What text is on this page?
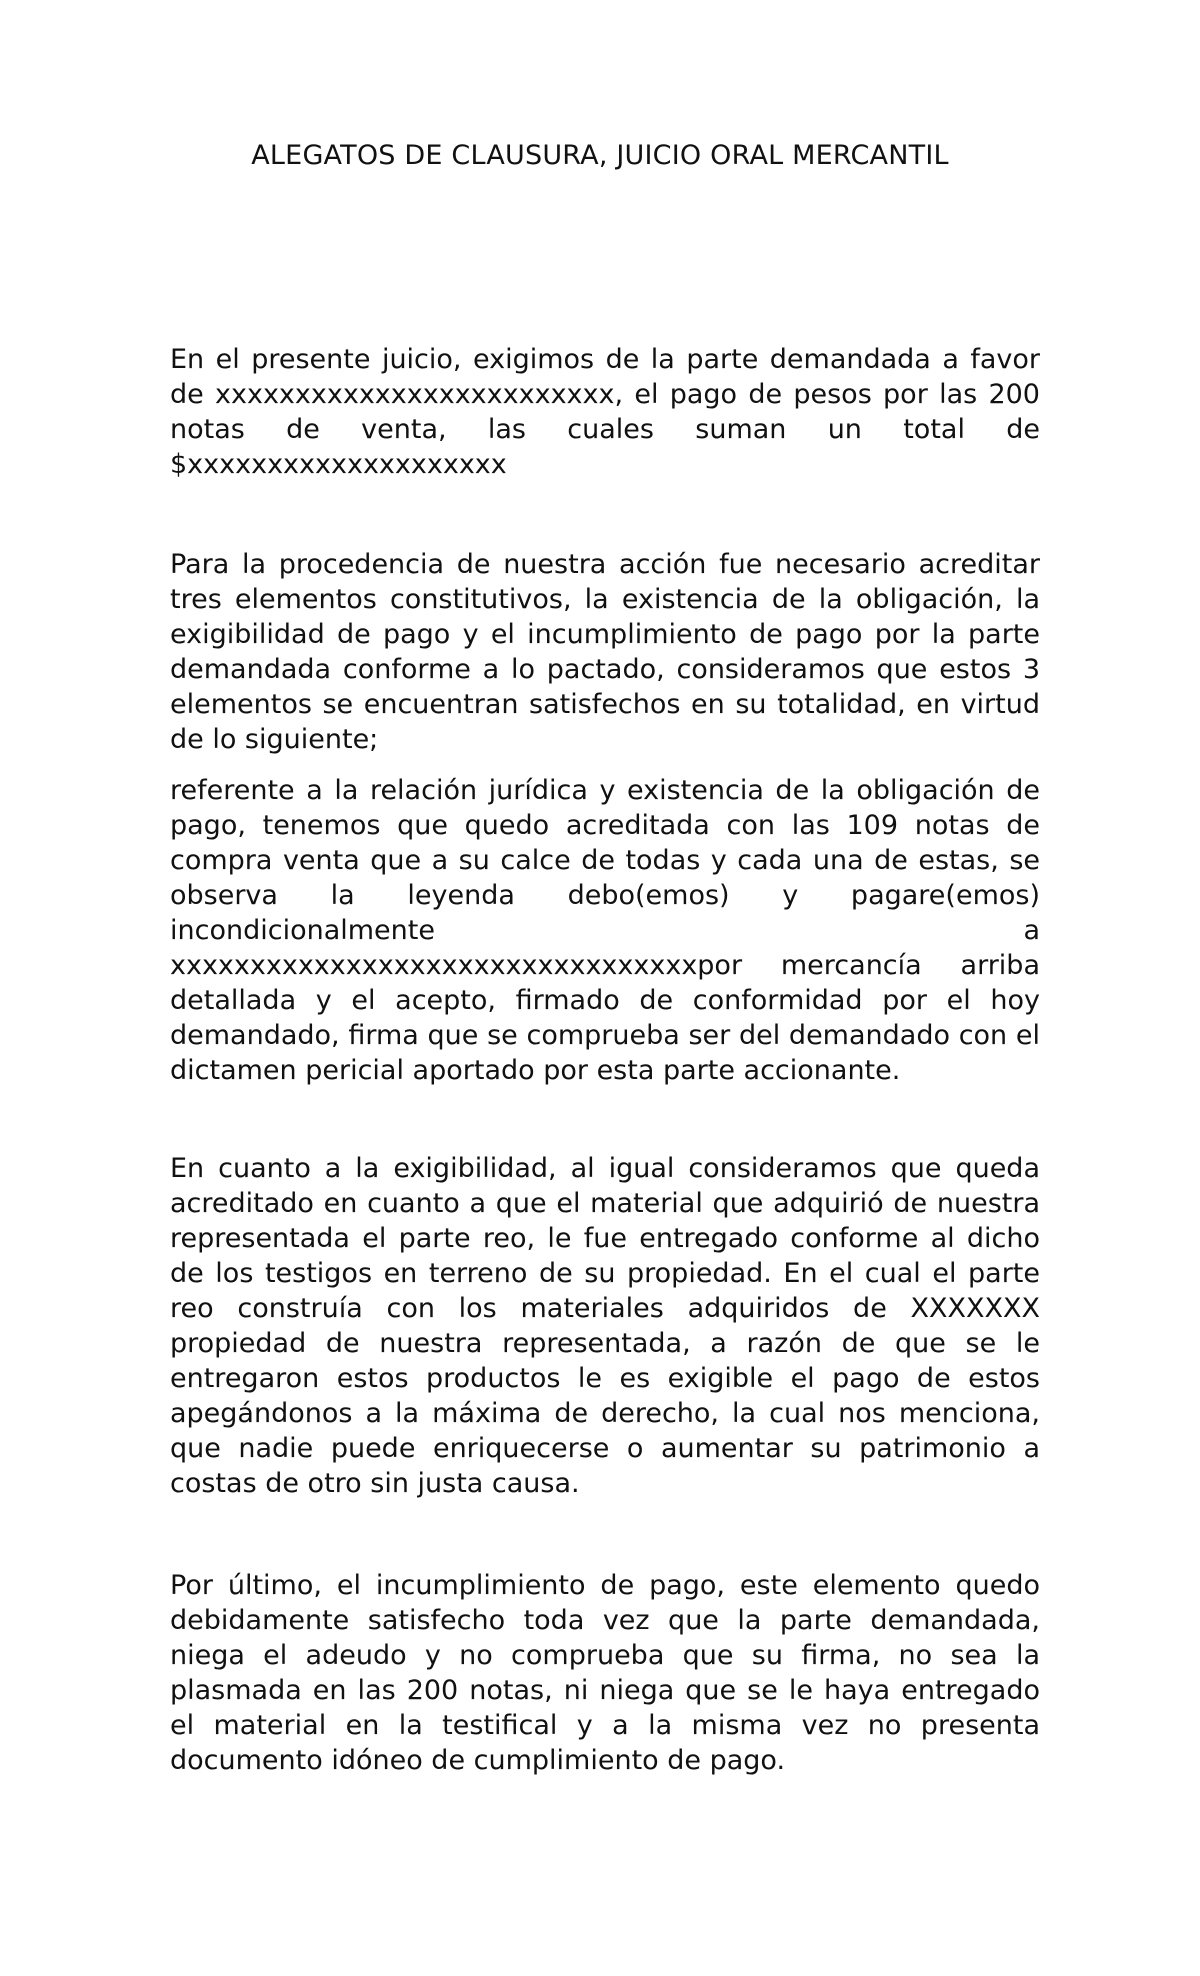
ALEGATOS DE CLAUSURA, JUICIO ORAL MERCANTIL

En el presente juicio, exigimos de la parte demandada a favor de xxxxxxxxxxxxxxxxxxxxxxxxx, el pago de pesos por las 200 notas de venta, las cuales suman un total de $xxxxxxxxxxxxxxxxxxxx

Para la procedencia de nuestra acción fue necesario acreditar tres elementos constitutivos, la existencia de la obligación, la exigibilidad de pago y el incumplimiento de pago por la parte demandada conforme a lo pactado, consideramos que estos 3 elementos se encuentran satisfechos en su totalidad, en virtud de lo siguiente;

referente a la relación jurídica y existencia de la obligación de pago, tenemos que quedo acreditada con las 109 notas de compra venta que a su calce de todas y cada una de estas, se observa la leyenda debo(emos) y pagare(emos) incondicionalmente a xxxxxxxxxxxxxxxxxxxxxxxxxxxxxxxxxpor mercancía arriba detallada y el acepto, firmado de conformidad por el hoy demandado, firma que se comprueba ser del demandado con el dictamen pericial aportado por esta parte accionante.

En cuanto a la exigibilidad, al igual consideramos que queda acreditado en cuanto a que el material que adquirió de nuestra representada el parte reo, le fue entregado conforme al dicho de los testigos en terreno de su propiedad. En el cual el parte reo construía con los materiales adquiridos de XXXXXXX propiedad de nuestra representada, a razón de que se le entregaron estos productos le es exigible el pago de estos apegándonos a la máxima de derecho, la cual nos menciona, que nadie puede enriquecerse o aumentar su patrimonio a costas de otro sin justa causa.

Por último, el incumplimiento de pago, este elemento quedo debidamente satisfecho toda vez que la parte demandada, niega el adeudo y no comprueba que su firma, no sea la plasmada en las 200 notas, ni niega que se le haya entregado el material en la testifical y a la misma vez no presenta documento idóneo de cumplimiento de pago.
